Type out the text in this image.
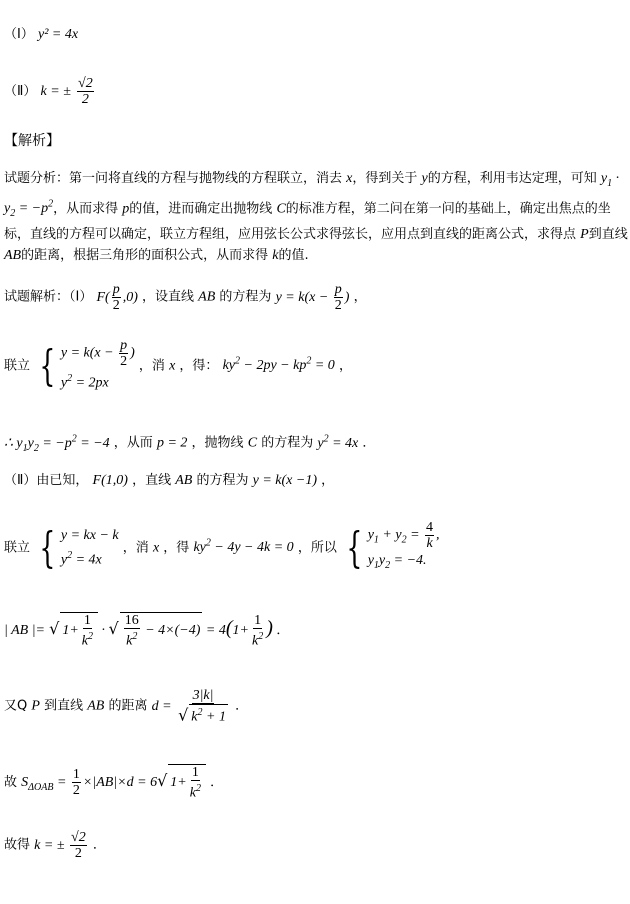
（Ⅰ） y² = 4x
（Ⅱ） k = ± $\frac{√2}{2}$
【解析】
试题分析：第一问将直线的方程与抛物线的方程联立，消去 x，得到关于 y的方程，利用韦达定理，可知 $y_1 \cdot y_2 = -p^2$，从而求得 p的值，进而确定出抛物线 C的标准方程，第二问在第一问的基础上，确定出焦点的坐标，直线的方程可以确定，联立方程组，应用弦长公式求得弦长，应用点到直线的距离公式，求得点 P到直线 AB的距离，根据三角形的面积公式，从而求得 k的值.
试题解析：（Ⅰ） $F( \frac{p}{2} ,0)$ ，设直线 AB 的方程为 $y = k(x - \frac{p}{2}$ ) ，
联立 { $y = k(x - \frac{p}{2}$ )
$y^2 = 2px$
，消 x ，得： $ky^2 - 2py - kp^2 = 0$ ，
∴ $y_1y_2 = -p^2 = -4$ ，从而 p = 2 ，抛物线 C 的方程为 $y^2 = 4x$ ．
（Ⅱ）由已知， F(1,0) ，直线 AB 的方程为 y = k(x −1) ，
联立 { y = kx − k
$y^2 = 4x$
，消 x ，得 $ky^2 - 4y - 4k = 0$ ，所以 { $y_1 + y_2 = \frac{4}{k}$ ,
$y_1y_2 = -4$.
| AB |= √ $1+ \frac{1}{k^2}$ · √ $\frac{16}{k^2} - 4\times(-4) = 4(1+ \frac{1}{k^2}$ ) ．
又Q P 到直线 AB 的距离 $d = \frac{3|k|}{√ k^2 + 1}$ ．
故 $S_{\Delta OAB} = \frac{1}{2} \times|AB|\times d = 6√$ $1+ \frac{1}{k^2}$ ．
故得 k = ± $\frac{√2}{2}$ ．
